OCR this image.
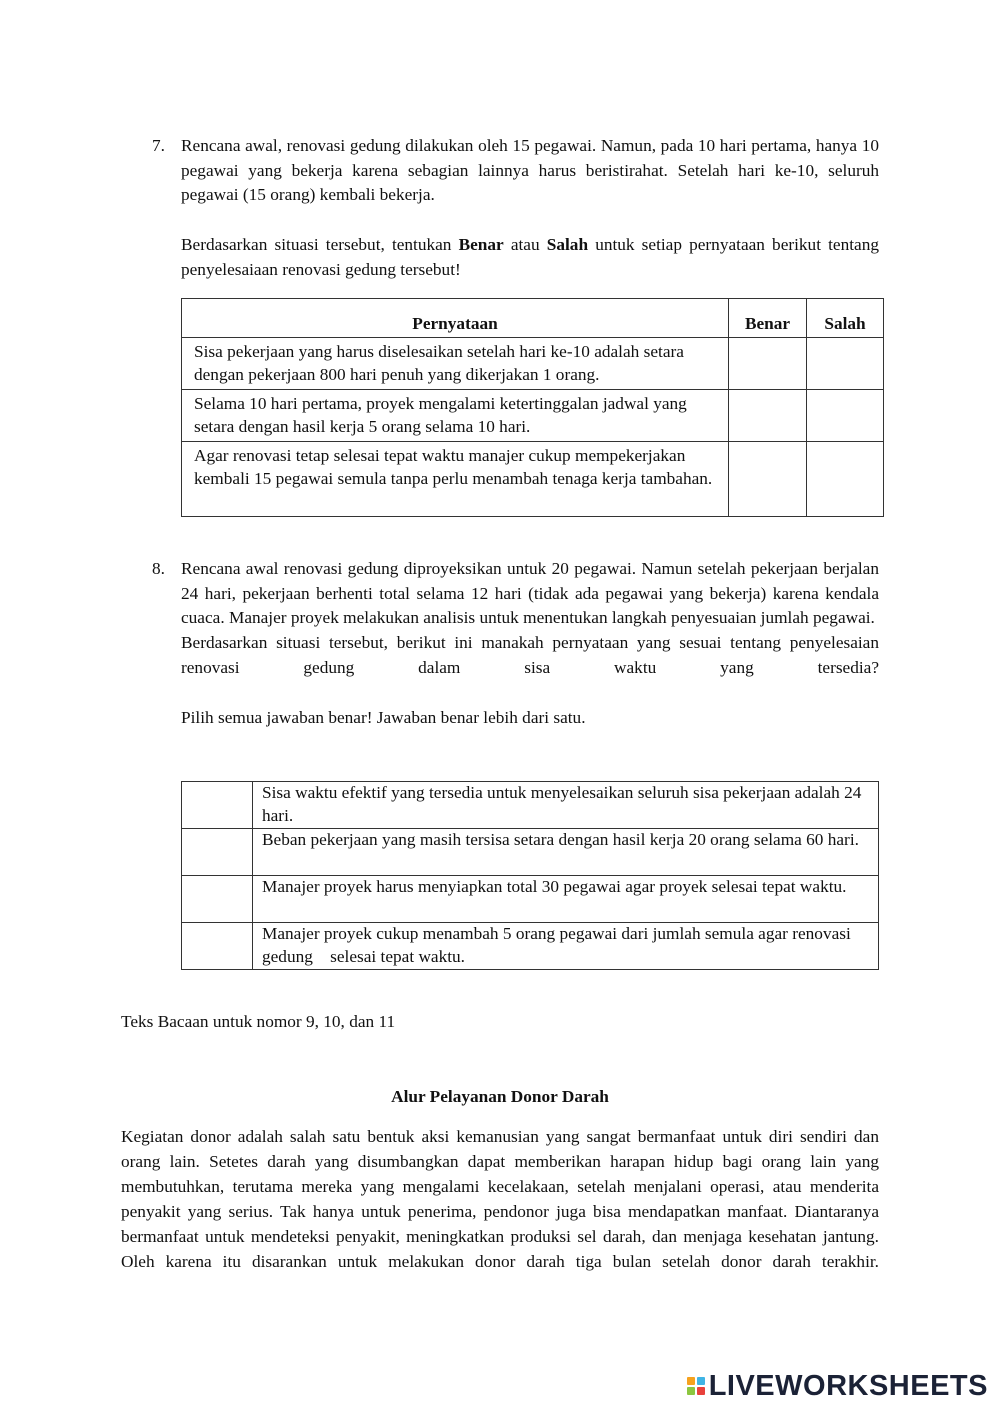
7. Rencana awal, renovasi gedung dilakukan oleh 15 pegawai. Namun, pada 10 hari pertama, hanya 10 pegawai yang bekerja karena sebagian lainnya harus beristirahat. Setelah hari ke-10, seluruh pegawai (15 orang) kembali bekerja.

Berdasarkan situasi tersebut, tentukan Benar atau Salah untuk setiap pernyataan berikut tentang penyelesaiaan renovasi gedung tersebut!

Pernyataan	Benar	Salah
Sisa pekerjaan yang harus diselesaikan setelah hari ke-10 adalah setara dengan pekerjaan 800 hari penuh yang dikerjakan 1 orang.		
Selama 10 hari pertama, proyek mengalami ketertinggalan jadwal yang setara dengan hasil kerja 5 orang selama 10 hari.		
Agar renovasi tetap selesai tepat waktu manajer cukup mempekerjakan kembali 15 pegawai semula tanpa perlu menambah tenaga kerja tambahan.		
8. Rencana awal renovasi gedung diproyeksikan untuk 20 pegawai. Namun setelah pekerjaan berjalan 24 hari, pekerjaan berhenti total selama 12 hari (tidak ada pegawai yang bekerja) karena kendala cuaca. Manajer proyek melakukan analisis untuk menentukan langkah penyesuaian jumlah pegawai.

Berdasarkan situasi tersebut, berikut ini manakah pernyataan yang sesuai tentang penyelesaian renovasi gedung dalam sisa waktu yang tersedia?

Pilih semua jawaban benar! Jawaban benar lebih dari satu.

	Sisa waktu efektif yang tersedia untuk menyelesaikan seluruh sisa pekerjaan adalah 24 hari.
	Beban pekerjaan yang masih tersisa setara dengan hasil kerja 20 orang selama 60 hari.
	Manajer proyek harus menyiapkan total 30 pegawai agar proyek selesai tepat waktu.
	Manajer proyek cukup menambah 5 orang pegawai dari jumlah semula agar renovasi gedung    selesai tepat waktu.
Teks Bacaan untuk nomor 9, 10, dan 11
Alur Pelayanan Donor Darah

Kegiatan donor adalah salah satu bentuk aksi kemanusian yang sangat bermanfaat untuk diri sendiri dan orang lain. Setetes darah yang disumbangkan dapat memberikan harapan hidup bagi orang lain yang membutuhkan, terutama mereka yang mengalami kecelakaan, setelah menjalani operasi, atau menderita penyakit yang serius. Tak hanya untuk penerima, pendonor juga bisa mendapatkan manfaat. Diantaranya bermanfaat untuk mendeteksi penyakit, meningkatkan produksi sel darah, dan menjaga kesehatan jantung. Oleh karena itu disarankan untuk melakukan donor darah tiga bulan setelah donor darah terakhir.

LIVEWORKSHEETS
